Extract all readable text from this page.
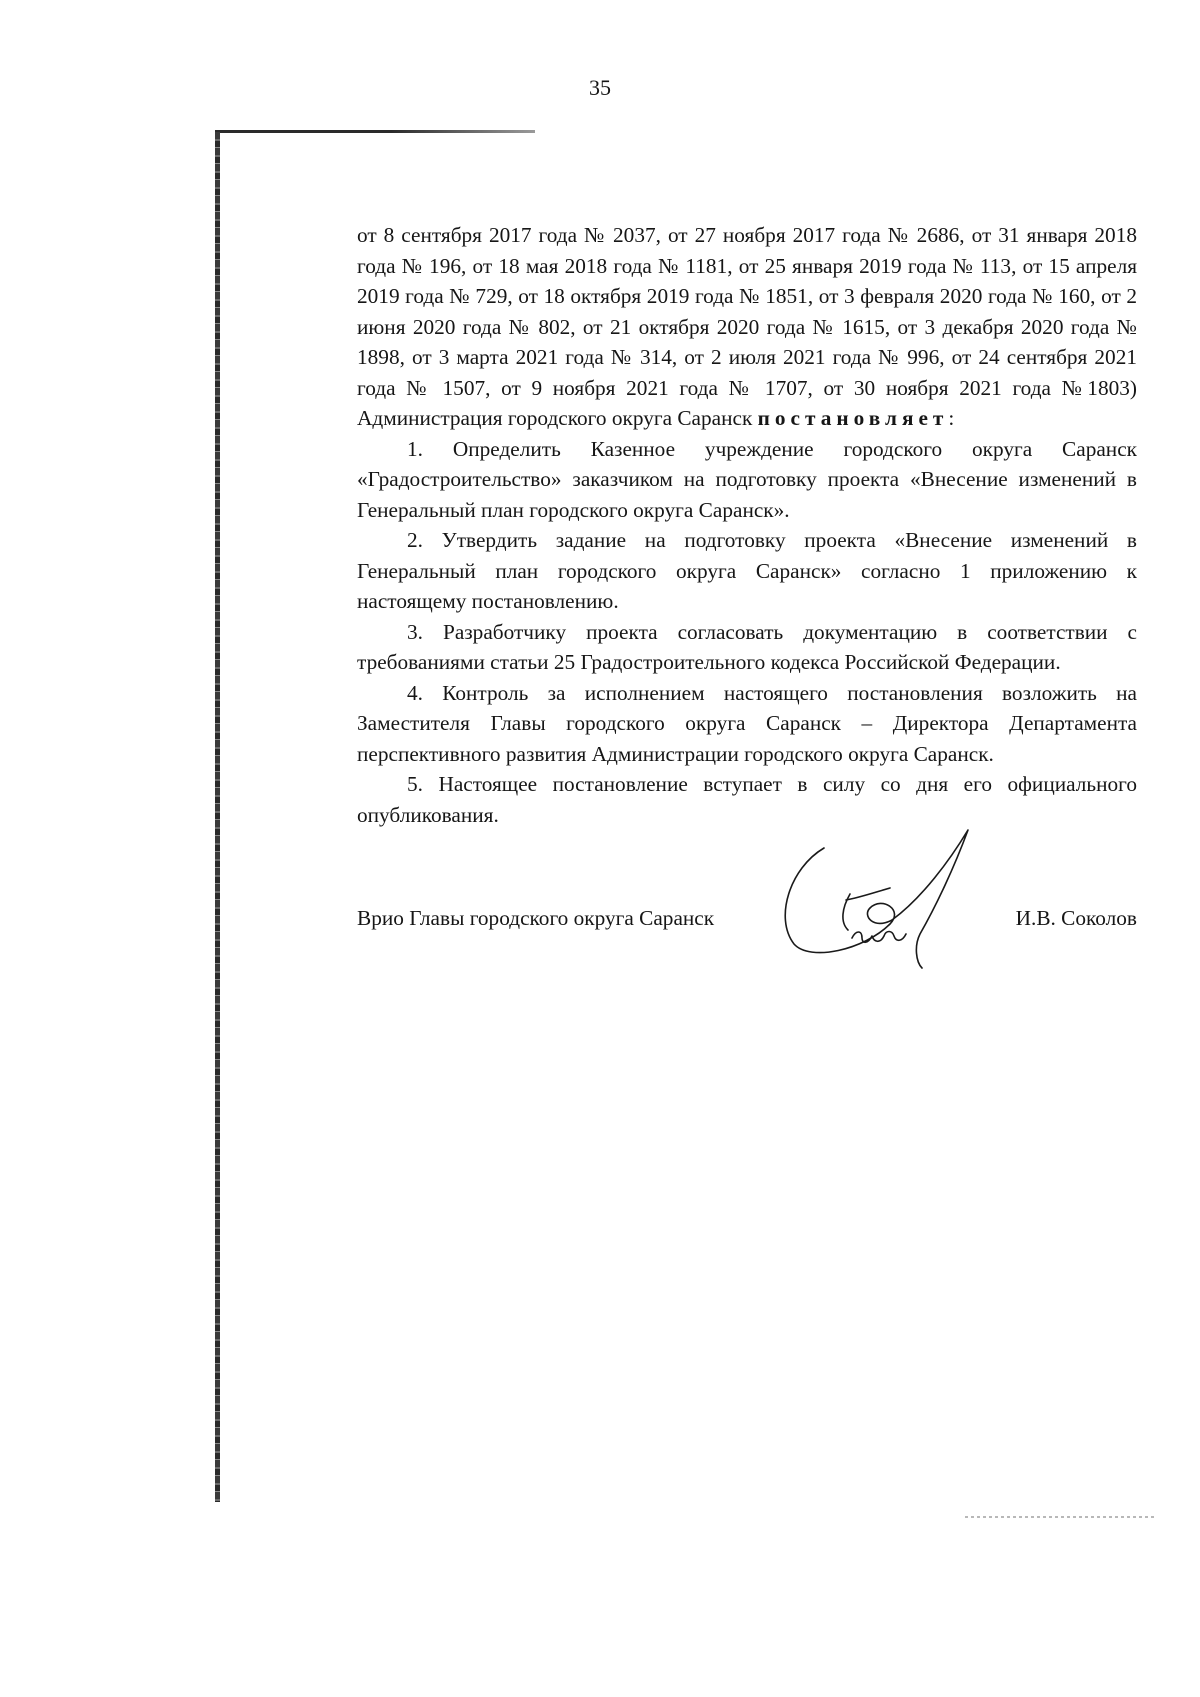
35

от 8 сентября 2017 года № 2037, от 27 ноября 2017 года № 2686, от 31 января 2018 года № 196, от 18 мая 2018 года № 1181, от 25 января 2019 года № 113, от 15 апреля 2019 года № 729, от 18 октября 2019 года № 1851, от 3 февраля 2020 года № 160, от 2 июня 2020 года № 802, от 21 октября 2020 года № 1615, от 3 декабря 2020 года № 1898, от 3 марта 2021 года № 314, от 2 июля 2021 года № 996, от 24 сентября 2021 года № 1507, от 9 ноября 2021 года № 1707, от 30 ноября 2021 года №1803) Администрация городского округа Саранск постановляет:

1. Определить Казенное учреждение городского округа Саранск «Градостроительство» заказчиком на подготовку проекта «Внесение изменений в Генеральный план городского округа Саранск».

2. Утвердить задание на подготовку проекта «Внесение изменений в Генеральный план городского округа Саранск» согласно 1 приложению к настоящему постановлению.

3. Разработчику проекта согласовать документацию в соответствии с требованиями статьи 25 Градостроительного кодекса Российской Федерации.

4. Контроль за исполнением настоящего постановления возложить на Заместителя Главы городского округа Саранск – Директора Департамента перспективного развития Администрации городского округа Саранск.

5. Настоящее постановление вступает в силу со дня его официального опубликования.

Врио Главы городского округа Саранск	И.В. Соколов
